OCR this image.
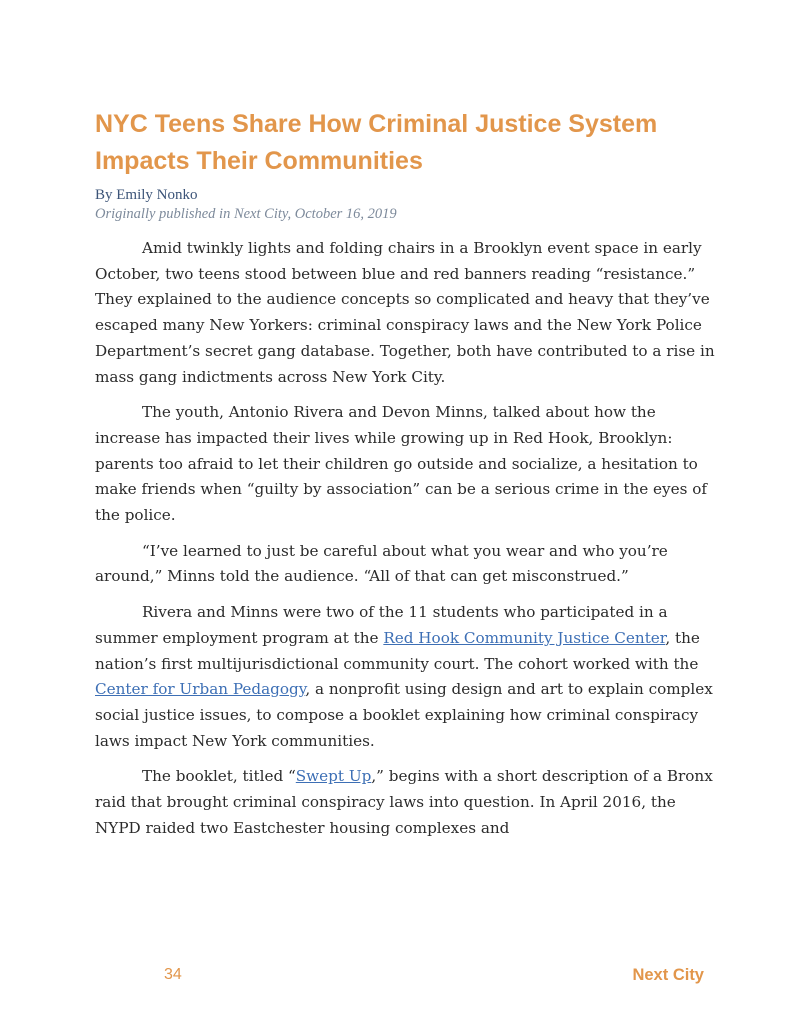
NYC Teens Share How Criminal Justice System Impacts Their Communities
By Emily Nonko
Originally published in Next City, October 16, 2019

Amid twinkly lights and folding chairs in a Brooklyn event space in early October, two teens stood between blue and red banners reading “resistance.” They explained to the audience concepts so complicated and heavy that they’ve escaped many New Yorkers: criminal conspiracy laws and the New York Police Department’s secret gang database. Together, both have contributed to a rise in mass gang indictments across New York City.

The youth, Antonio Rivera and Devon Minns, talked about how the increase has impacted their lives while growing up in Red Hook, Brooklyn: parents too afraid to let their children go outside and socialize, a hesitation to make friends when “guilty by association” can be a serious crime in the eyes of the police.

“I’ve learned to just be careful about what you wear and who you’re around,” Minns told the audience. “All of that can get misconstrued.”

Rivera and Minns were two of the 11 students who participated in a summer employment program at the Red Hook Community Justice Center, the nation’s first multijurisdictional community court. The cohort worked with the Center for Urban Pedagogy, a nonprofit using design and art to explain complex social justice issues, to compose a booklet explaining how criminal conspiracy laws impact New York communities.

The booklet, titled “Swept Up,” begins with a short description of a Bronx raid that brought criminal conspiracy laws into question. In April 2016, the NYPD raided two Eastchester housing complexes and

34	Next City
